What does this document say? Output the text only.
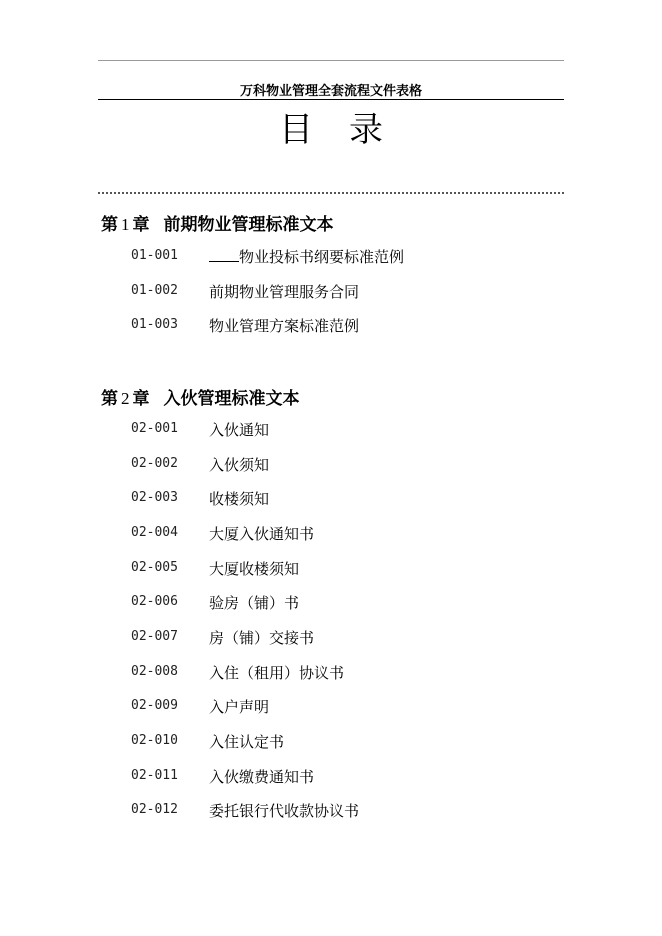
万科物业管理全套流程文件表格
目录
第 1 章 前期物业管理标准文本
01-001	物业投标书纲要标准范例
01-002 前期物业管理服务合同
01-003 物业管理方案标准范例
第 2 章 入伙管理标准文本
02-001 入伙通知
02-002 入伙须知
02-003 收楼须知
02-004 大厦入伙通知书
02-005 大厦收楼须知
02-006 验房（铺）书
02-007 房（铺）交接书
02-008 入住（租用）协议书
02-009 入户声明
02-010 入住认定书
02-011 入伙缴费通知书
02-012 委托银行代收款协议书
